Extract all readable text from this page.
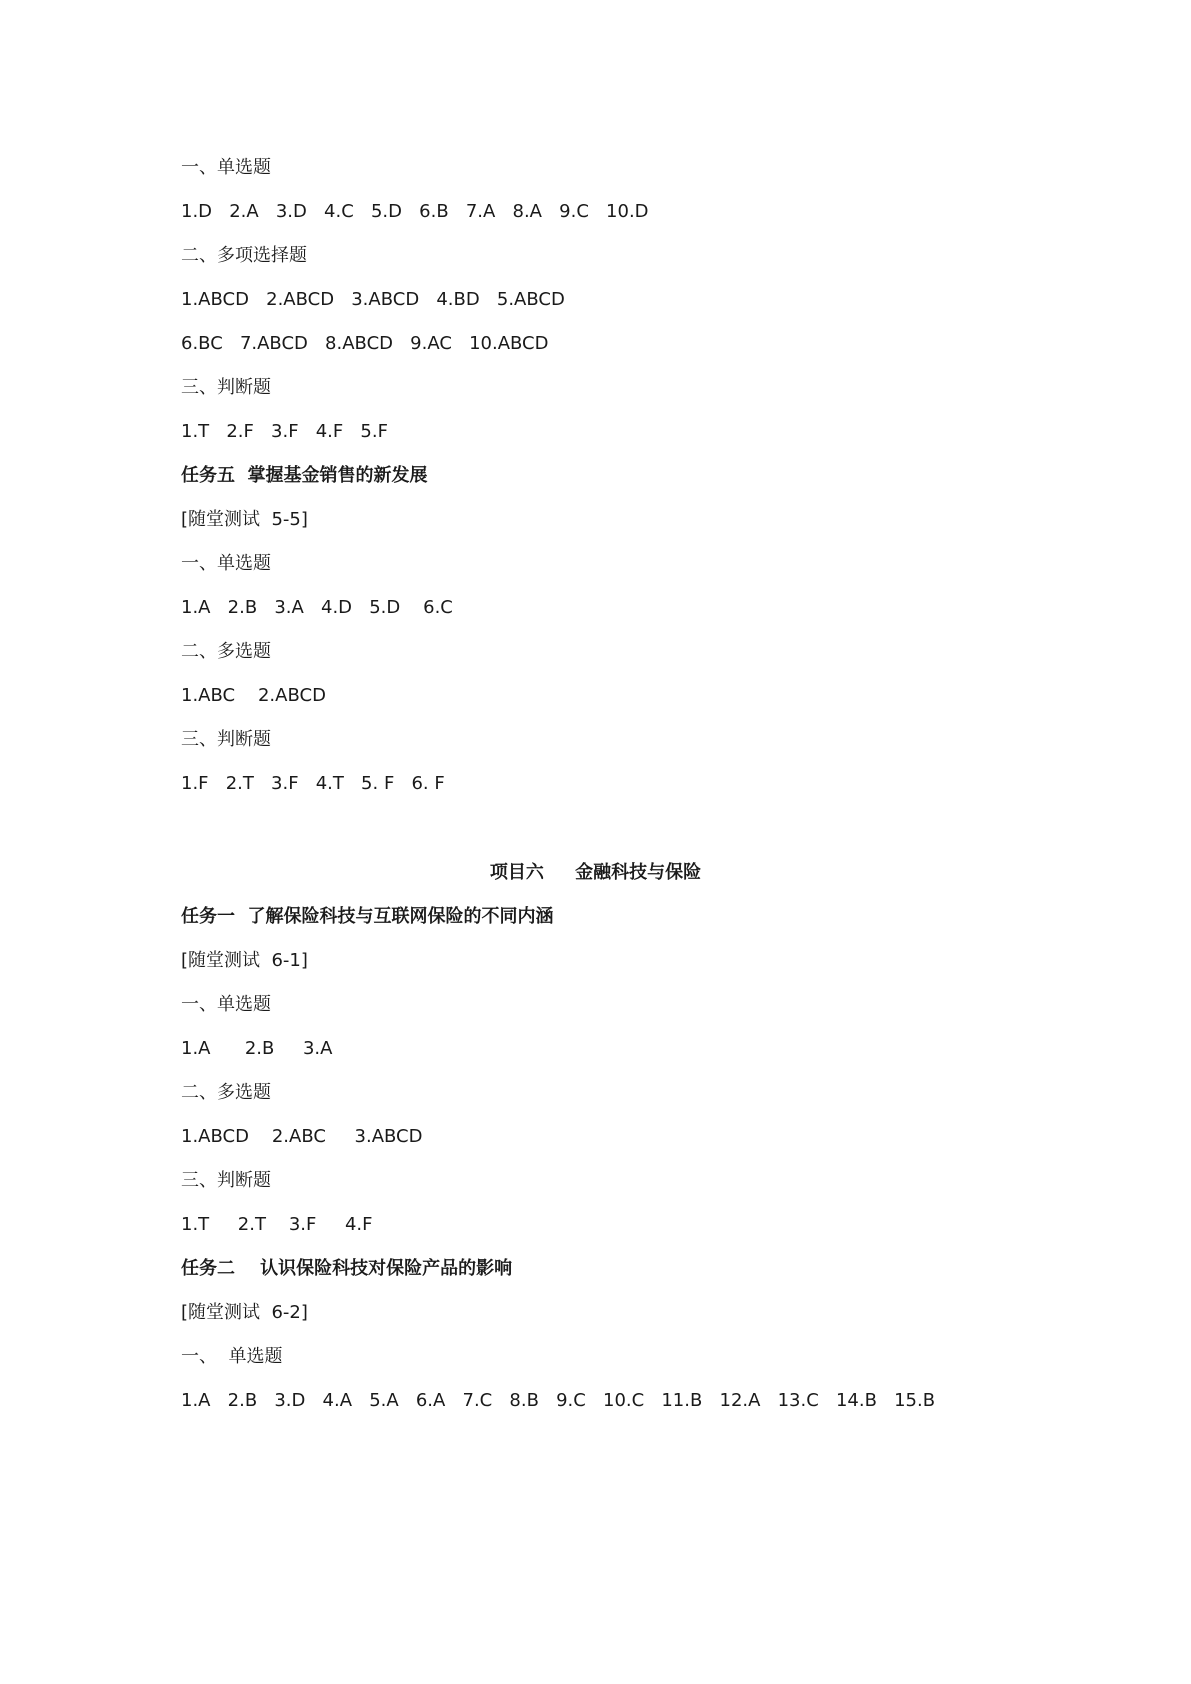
一、单选题

1.D   2.A   3.D   4.C   5.D   6.B   7.A   8.A   9.C   10.D

二、多项选择题

1.ABCD   2.ABCD   3.ABCD   4.BD   5.ABCD

6.BC   7.ABCD   8.ABCD   9.AC   10.ABCD

三、判断题

1.T   2.F   3.F   4.F   5.F

任务五  掌握基金销售的新发展

[随堂测试  5-5]

一、单选题

1.A   2.B   3.A   4.D   5.D    6.C

二、多选题

1.ABC    2.ABCD

三、判断题

1.F   2.T   3.F   4.T   5. F   6. F

项目六     金融科技与保险

任务一  了解保险科技与互联网保险的不同内涵

[随堂测试  6-1]

一、单选题

1.A      2.B     3.A

二、多选题

1.ABCD    2.ABC     3.ABCD

三、判断题

1.T     2.T    3.F     4.F

任务二    认识保险科技对保险产品的影响

[随堂测试  6-2]

一、  单选题

1.A   2.B   3.D   4.A   5.A   6.A   7.C   8.B   9.C   10.C   11.B   12.A   13.C   14.B   15.B
